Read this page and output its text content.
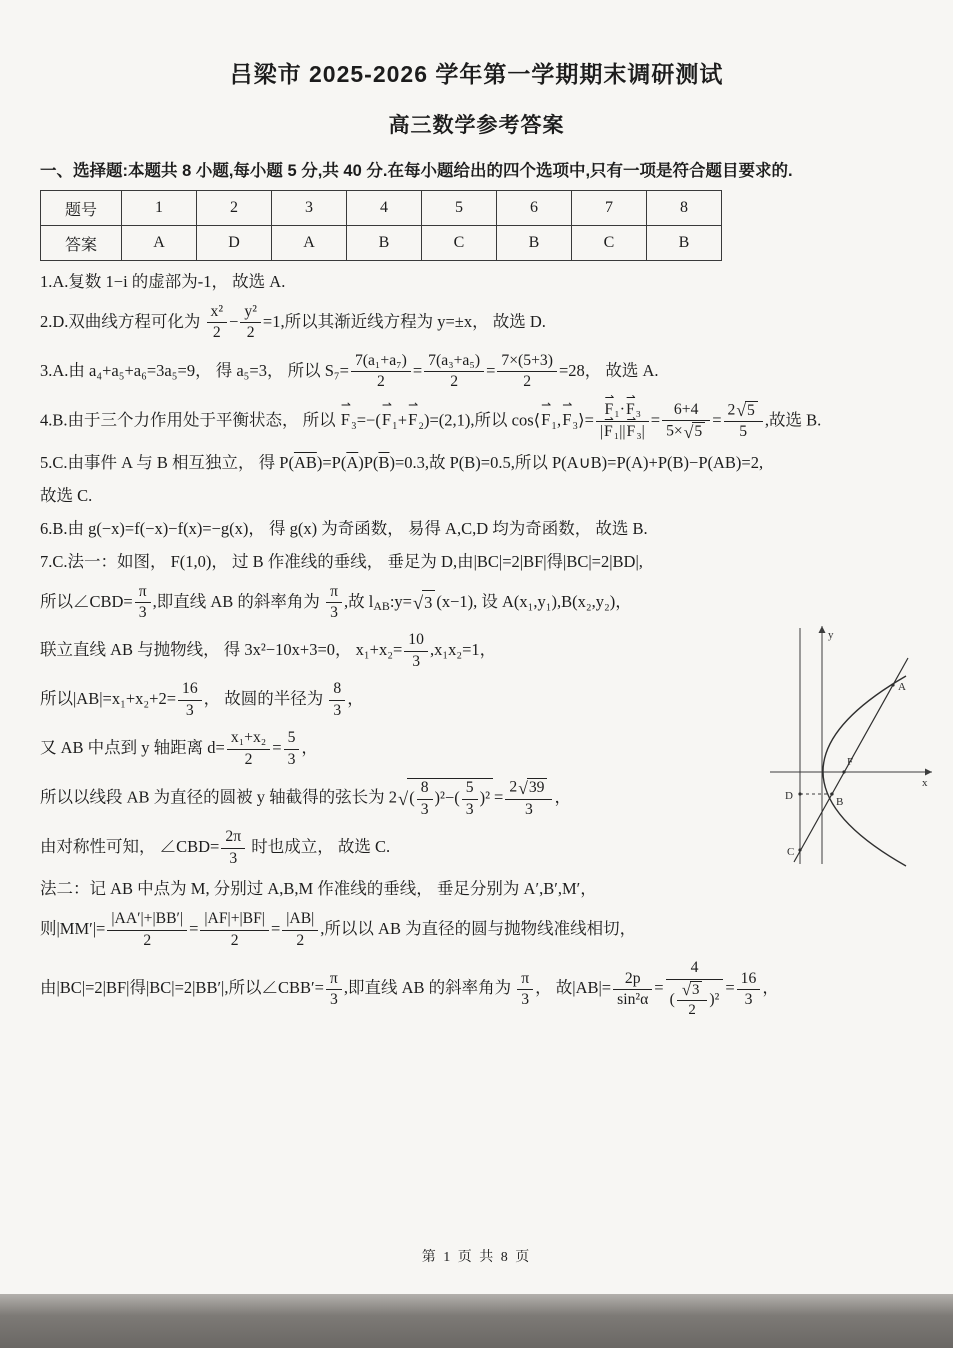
吕梁市 2025-2026 学年第一学期期末调研测试
高三数学参考答案

一、选择题:本题共 8 小题,每小题 5 分,共 40 分.在每小题给出的四个选项中,只有一项是符合题目要求的.

题号	1	2	3	4	5	6	7	8
答案	A	D	A	B	C	B	C	B

1.A.复数 1−i 的虚部为-1， 故选 A.

2.D.双曲线方程可化为 $\frac{\text{x²}}{2} - \frac{\text{y²}}{2} =1$,所以其渐近线方程为 y=±x， 故选 D.

3.A.由 a₄+a₅+a₆=3a₅=9， 得 a₅=3， 所以 $S_7= \frac{\text{7(a₁+a₇)}}{2} = \frac{\text{7(a₃+a₅)}}{2} = \frac{7\times(5+3)}{2} =28$， 故选 A.

4.B.由于三个力作用处于平衡状态， 所以 F ⇀₃=−(F ⇀₁+F ⇀₂)=(2,1),所以 cos⟨F ⇀₁,F ⇀₃⟩= $\frac{\text{F ⇀₁·F ⇀₃}}{\text{|F ⇀₁||F ⇀₃|}} = \frac{6+4}{5\times √ 5} = \frac{2 √ 5}{5}$ ,故选 B.

5.C.由事件 A 与 B 相互独立， 得 $P(\overline{AB})=P(\overline{A})P(\overline{B})=0.3$,故 P(B)=0.5,所以 P(A∪B)=P(A)+P(B)−P(AB)=2,

故选 C.

6.B.由 g(−x)=f(−x)−f(x)=−g(x)， 得 g(x) 为奇函数， 易得 A,C,D 均为奇函数， 故选 B.

7.C.法一：如图， F(1,0)， 过 B 作准线的垂线， 垂足为 D,由|BC|=2|BF|得|BC|=2|BD|,

所以∠CBD= $\frac{\pi}{3}$ ,即直线 AB 的斜率角为 $\frac{\pi}{3}$ ,故 $l_{AB}:y=$ √ 3 (x−1), 设 A(x₁,y₁),B(x₂,y₂)，

联立直线 AB 与抛物线， 得 3x²−10x+3=0， $x_1+x_2= \frac{10}{3} ,x_1x_2=1$，

所以$|AB|=x_1+x_2+2= \frac{16}{3}$ ， 故圆的半径为 $\frac{8}{3}$ ，

又 AB 中点到 y 轴距离 $d= \frac{\text{x₁+x₂}}{2} = \frac{5}{3}$ ，

所以以线段 AB 为直径的圆被 y 轴截得的弦长为 2 √ ( $\frac{8}{3} )^2-( \frac{5}{3} )^2 = \frac{2 √ 39}{3}$ ，

由对称性可知， ∠CBD= $\frac{2\pi}{3}$ 时也成立， 故选 C.

法二：记 AB 中点为 M, 分别过 A,B,M 作准线的垂线， 垂足分别为 A′,B′,M′，

则$|MM'|= \frac{|AA'|+|BB'|}{2} = \frac{|AF|+|BF|}{2} = \frac{|AB|}{2}$ ,所以以 AB 为直径的圆与抛物线准线相切，

由|BC|=2|BF|得|BC|=2|BB′|,所以∠CBB′= $\frac{\pi}{3}$ ,即直线 AB 的斜率角为 $\frac{\pi}{3}$ ， 故$|AB|= \frac{2p}{\text{sin²α}} = \frac{4}{( \frac{√ 3}{2} )^2} = \frac{16}{3}$ ，

y
x
A
F
B
D
C
第 1 页 共 8 页
